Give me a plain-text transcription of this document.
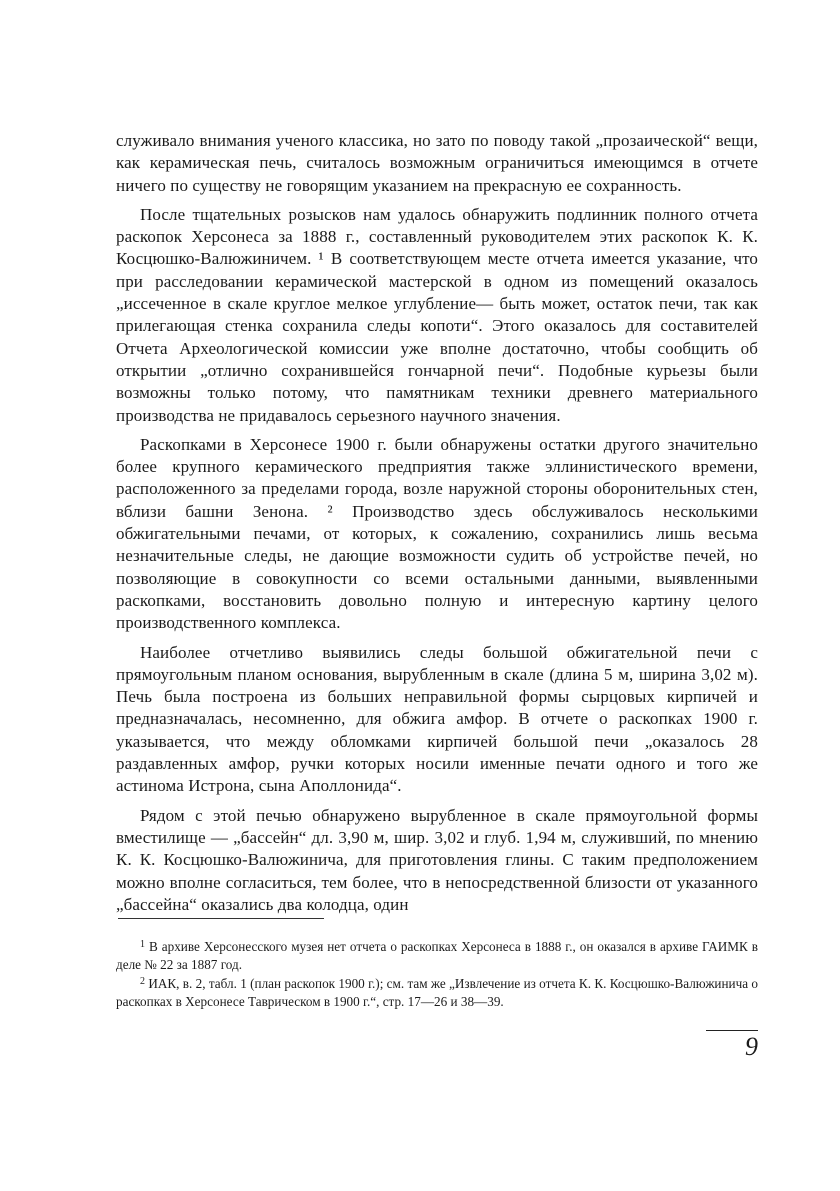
служивало внимания ученого классика, но зато по поводу такой „прозаической“ вещи, как керамическая печь, считалось возможным ограничиться имеющимся в отчете ничего по существу не говорящим указанием на прекрасную ее сохранность.

После тщательных розысков нам удалось обнаружить подлинник полного отчета раскопок Херсонеса за 1888 г., составленный руководителем этих раскопок К. К. Косцюшко-Валюжиничем. ¹ В соответствующем месте отчета имеется указание, что при расследовании керамической мастерской в одном из помещений оказалось „иссеченное в скале круглое мелкое углубление— быть может, остаток печи, так как прилегающая стенка сохранила следы копоти“. Этого оказалось для составителей Отчета Археологической комиссии уже вполне достаточно, чтобы сообщить об открытии „отлично сохранившейся гончарной печи“. Подобные курьезы были возможны только потому, что памятникам техники древнего материального производства не придавалось серьезного научного значения.

Раскопками в Херсонесе 1900 г. были обнаружены остатки другого значительно более крупного керамического предприятия также эллинистического времени, расположенного за пределами города, возле наружной стороны оборонительных стен, вблизи башни Зенона. ² Производство здесь обслуживалось несколькими обжигательными печами, от которых, к сожалению, сохранились лишь весьма незначительные следы, не дающие возможности судить об устройстве печей, но позволяющие в совокупности со всеми остальными данными, выявленными раскопками, восстановить довольно полную и интересную картину целого производственного комплекса.

Наиболее отчетливо выявились следы большой обжигательной печи с прямоугольным планом основания, вырубленным в скале (длина 5 м, ширина 3,02 м). Печь была построена из больших неправильной формы сырцовых кирпичей и предназначалась, несомненно, для обжига амфор. В отчете о раскопках 1900 г. указывается, что между обломками кирпичей большой печи „оказалось 28 раздавленных амфор, ручки которых носили именные печати одного и того же астинома Истрона, сына Аполлонида“.

Рядом с этой печью обнаружено вырубленное в скале прямоугольной формы вместилище — „бассейн“ дл. 3,90 м, шир. 3,02 и глуб. 1,94 м, служивший, по мнению К. К. Косцюшко-Валюжинича, для приготовления глины. С таким предположением можно вполне согласиться, тем более, что в непосредственной близости от указанного „бассейна“ оказались два колодца, один

$^1$ В архиве Херсонесского музея нет отчета о раскопках Херсонеса в 1888 г., он оказался в архиве ГАИМК в деле № 22 за 1887 год.

$^2$ ИАК, в. 2, табл. 1 (план раскопок 1900 г.); см. там же „Извлечение из отчета К. К. Косцюшко-Валюжинича о раскопках в Херсонесе Таврическом в 1900 г.“, стр. 17—26 и 38—39.

9
